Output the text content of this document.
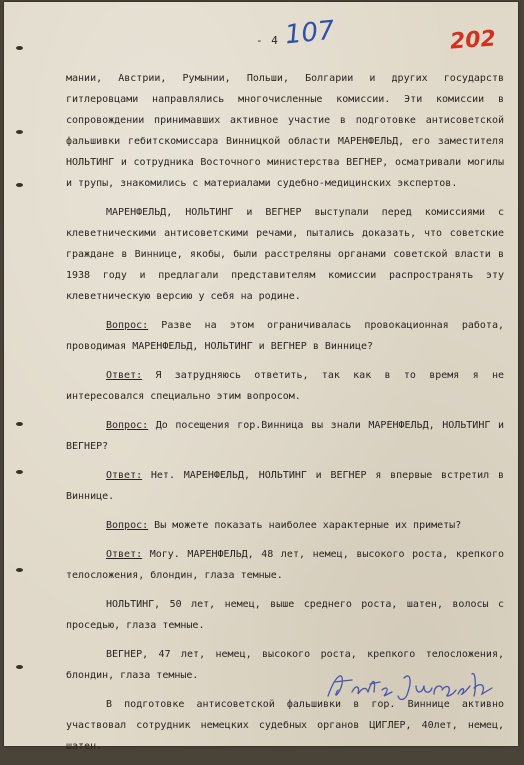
- 4 -
107	202

мании, Австрии, Румынии, Польши, Болгарии и других государств гитлеровцами направлялись многочисленные комиссии. Эти комиссии в сопровождении принимавших активное участие в подготовке антисоветской фальшивки гебитскомиссара Винницкой области МАРЕНФЕЛЬД, его заместителя НОЛЬТИНГ и сотрудника Восточного министерства ВЕГНЕР, осматривали могилы и трупы, знакомились с материалами судебно-медицинских экспертов.

МАРЕНФЕЛЬД, НОЛЬТИНГ и ВЕГНЕР выступали перед комиссиями с клеветническими антисоветскими речами, пытались доказать, что советские граждане в Виннице, якобы, были расстреляны органами советской власти в 1938 году и предлагали представителям комиссии распространять эту клеветническую версию у себя на родине.

Вопрос: Разве на этом ограничивалась провокационная работа, проводимая МАРЕНФЕЛЬД, НОЛЬТИНГ и ВЕГНЕР в Виннице?

Ответ: Я затрудняюсь ответить, так как в то время я не интересовался специально этим вопросом.

Вопрос: До посещения гор.Винница вы знали МАРЕНФЕЛЬД, НОЛЬТИНГ и ВЕГНЕР?

Ответ: Нет. МАРЕНФЕЛЬД, НОЛЬТИНГ и ВЕГНЕР я впервые встретил в Виннице.

Вопрос: Вы можете показать наиболее характерные их приметы?

Ответ: Могу. МАРЕНФЕЛЬД, 48 лет, немец, высокого роста, крепкого телосложения, блондин, глаза темные.

НОЛЬТИНГ, 50 лет, немец, выше среднего роста, шатен, волосы с проседью, глаза темные.

ВЕГНЕР, 47 лет, немец, высокого роста, крепкого телосложения, блондин, глаза темные.

В подготовке антисоветской фальшивки в гор. Виннице активно участвовал сотрудник немецких судебных органов ЦИГЛЕР, 40лет, немец, шатен.
